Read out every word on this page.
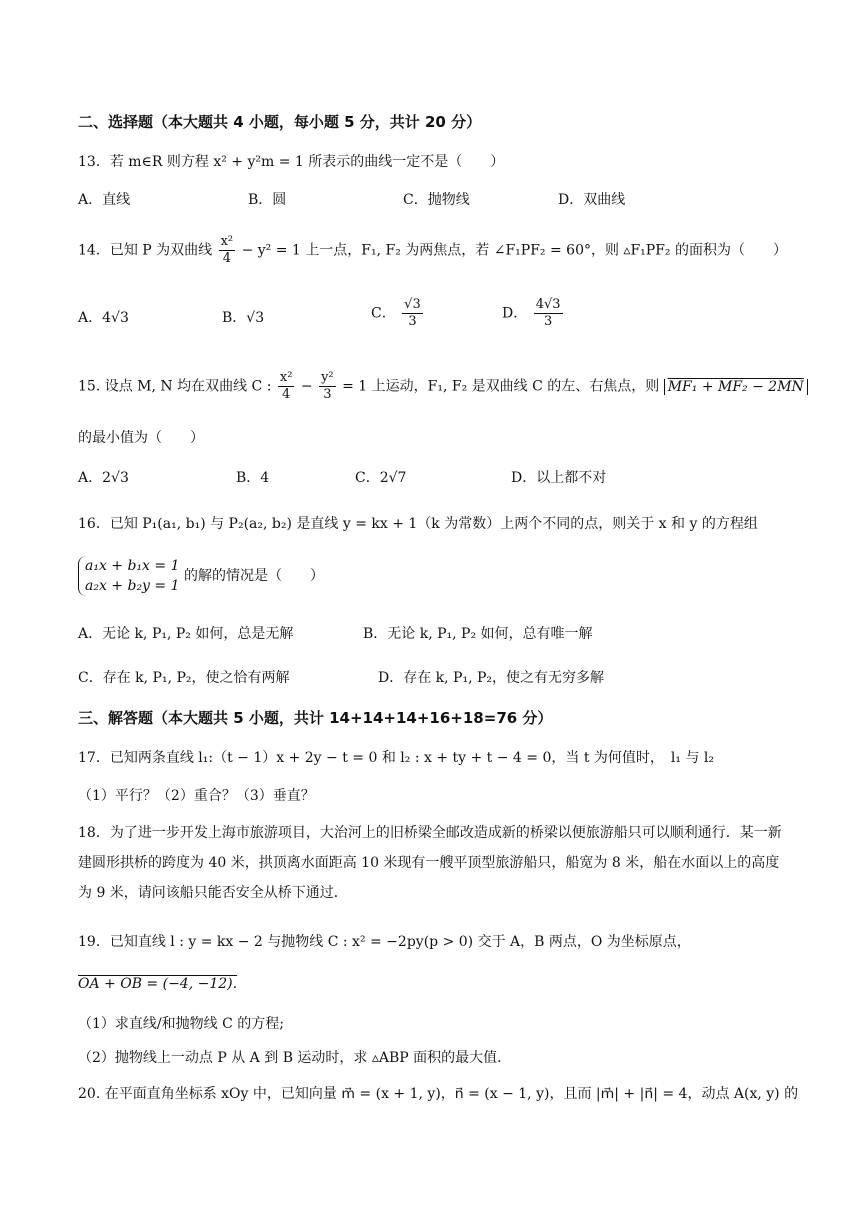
二、选择题（本大题共 4 小题，每小题 5 分，共计 20 分）
13．若 m∈R 则方程 x² + y²m = 1 所表示的曲线一定不是（　　）
A．直线	B．圆	C．抛物线	D．双曲线
14．已知 P 为双曲线 $\frac{\text{x²}}{4} - y^2 = 1$ 上一点，F₁, F₂ 为两焦点，若 ∠F₁PF₂ = 60°，则 ▵F₁PF₂ 的面积为（　　）
A．4√3	B．√3	C． $\frac{√3}{3}$	D． $\frac{4√3}{3}$
15. 设点 M, N 均在双曲线 C : $\frac{\text{x²}}{4} - \frac{\text{y²}}{3} = 1$ 上运动，F₁, F₂ 是双曲线 C 的左、右焦点，则 MF₁ + MF₂ − 2MN
的最小值为（　　）
A．2√3	B．4	C．2√7	D．以上都不对
16．已知 P₁(a₁, b₁) 与 P₂(a₂, b₂) 是直线 y = kx + 1（k 为常数）上两个不同的点，则关于 x 和 y 的方程组
a₁x + b₁x = 1
a₂x + b₂y = 1
的解的情况是（　　）
A．无论 k, P₁, P₂ 如何，总是无解	B．无论 k, P₁, P₂ 如何，总有唯一解
C．存在 k, P₁, P₂，使之恰有两解	D．存在 k, P₁, P₂，使之有无穷多解
三、解答题（本大题共 5 小题，共计 14+14+14+16+18=76 分）
17．已知两条直线 l₁:（t − 1）x + 2y − t = 0 和 l₂ : x + ty + t − 4 = 0，当 t 为何值时，　l₁ 与 l₂
（1）平行？（2）重合？（3）垂直？
18．为了进一步开发上海市旅游项目，大治河上的旧桥梁全邮改造成新的桥梁以便旅游船只可以顺利通行．某一新建圆形拱桥的跨度为 40 米，拱顶离水面距高 10 米现有一艘平顶型旅游船只，船宽为 8 米，船在水面以上的高度为 9 米，请问该船只能否安全从桥下通过．
19．已知直线 l : y = kx − 2 与抛物线 C : x² = −2py(p > 0) 交于 A，B 两点，O 为坐标原点，
OA + OB = (−4, −12).
（1）求直线/和抛物线 C 的方程;
（2）抛物线上一动点 P 从 A 到 B 运动时，求 ▵ABP 面积的最大值．
20. 在平面直角坐标系 xOy 中，已知向量 m⃗ = (x + 1, y)，n⃗ = (x − 1, y)，且而 |m⃗| + |n⃗| = 4，动点 A(x, y) 的
